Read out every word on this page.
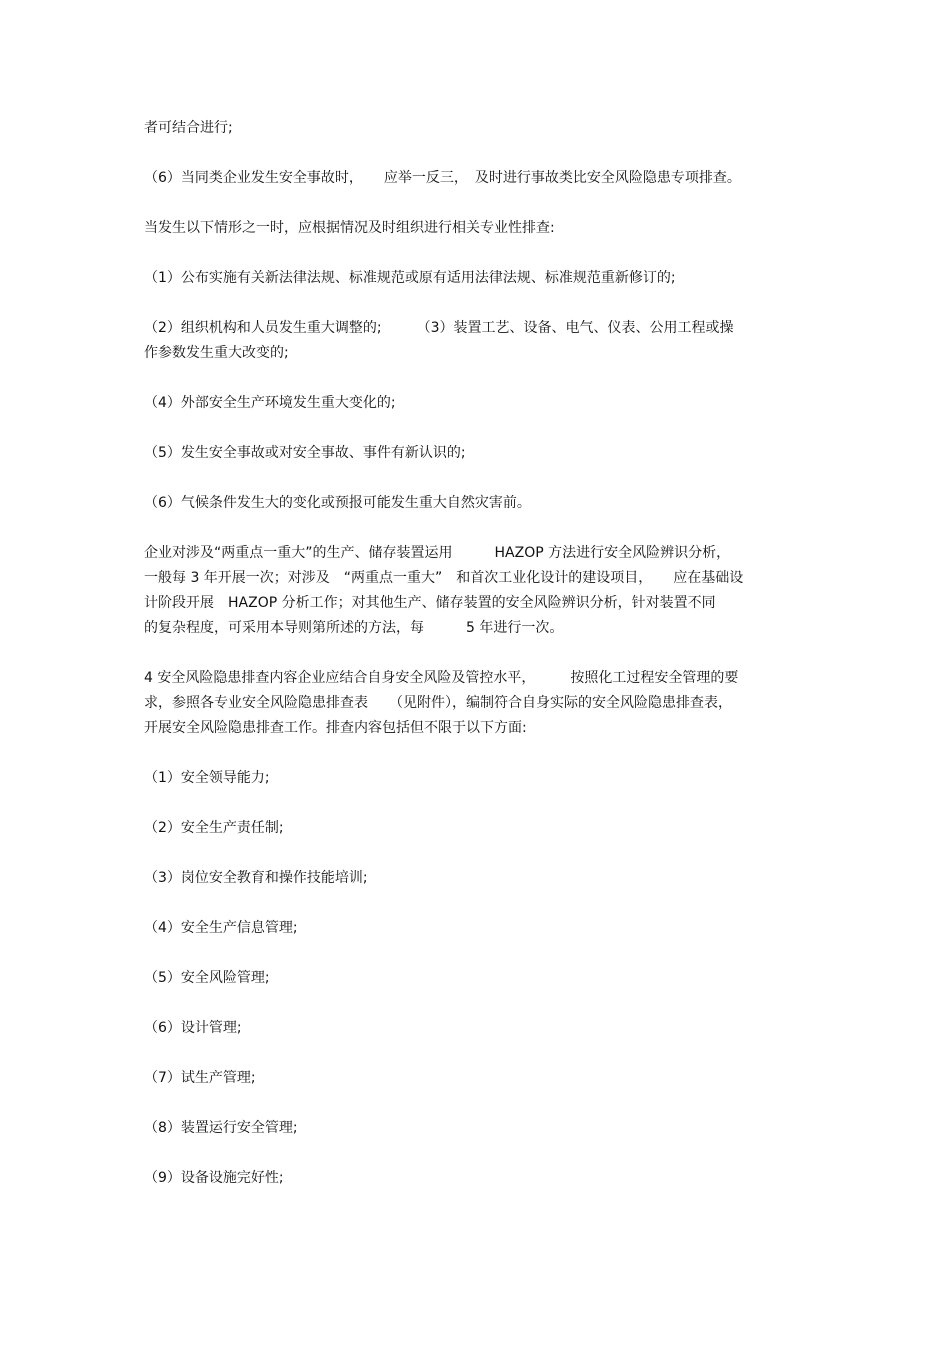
者可结合进行;

（6）当同类企业发生安全事故时，　　应举一反三，　及时进行事故类比安全风险隐患专项排查。

当发生以下情形之一时，应根据情况及时组织进行相关专业性排查:

（1）公布实施有关新法律法规、标准规范或原有适用法律法规、标准规范重新修订的;

（2）组织机构和人员发生重大调整的;　　　（3）装置工艺、设备、电气、仪表、公用工程或操

作参数发生重大改变的;

（4）外部安全生产环境发生重大变化的;

（5）发生安全事故或对安全事故、事件有新认识的;

（6）气候条件发生大的变化或预报可能发生重大自然灾害前。

企业对涉及“两重点一重大”的生产、储存装置运用　　　HAZOP 方法进行安全风险辨识分析，

一般每 3 年开展一次；对涉及　“两重点一重大”　和首次工业化设计的建设项目，　　应在基础设

计阶段开展　HAZOP 分析工作；对其他生产、储存装置的安全风险辨识分析，针对装置不同

的复杂程度，可采用本导则第所述的方法，每　　　5 年进行一次。

4 安全风险隐患排查内容企业应结合自身安全风险及管控水平，　　　按照化工过程安全管理的要

求，参照各专业安全风险隐患排查表　　（见附件），编制符合自身实际的安全风险隐患排查表，

开展安全风险隐患排查工作。排查内容包括但不限于以下方面:

（1）安全领导能力;

（2）安全生产责任制;

（3）岗位安全教育和操作技能培训;

（4）安全生产信息管理;

（5）安全风险管理;

（6）设计管理;

（7）试生产管理;

（8）装置运行安全管理;

（9）设备设施完好性;
